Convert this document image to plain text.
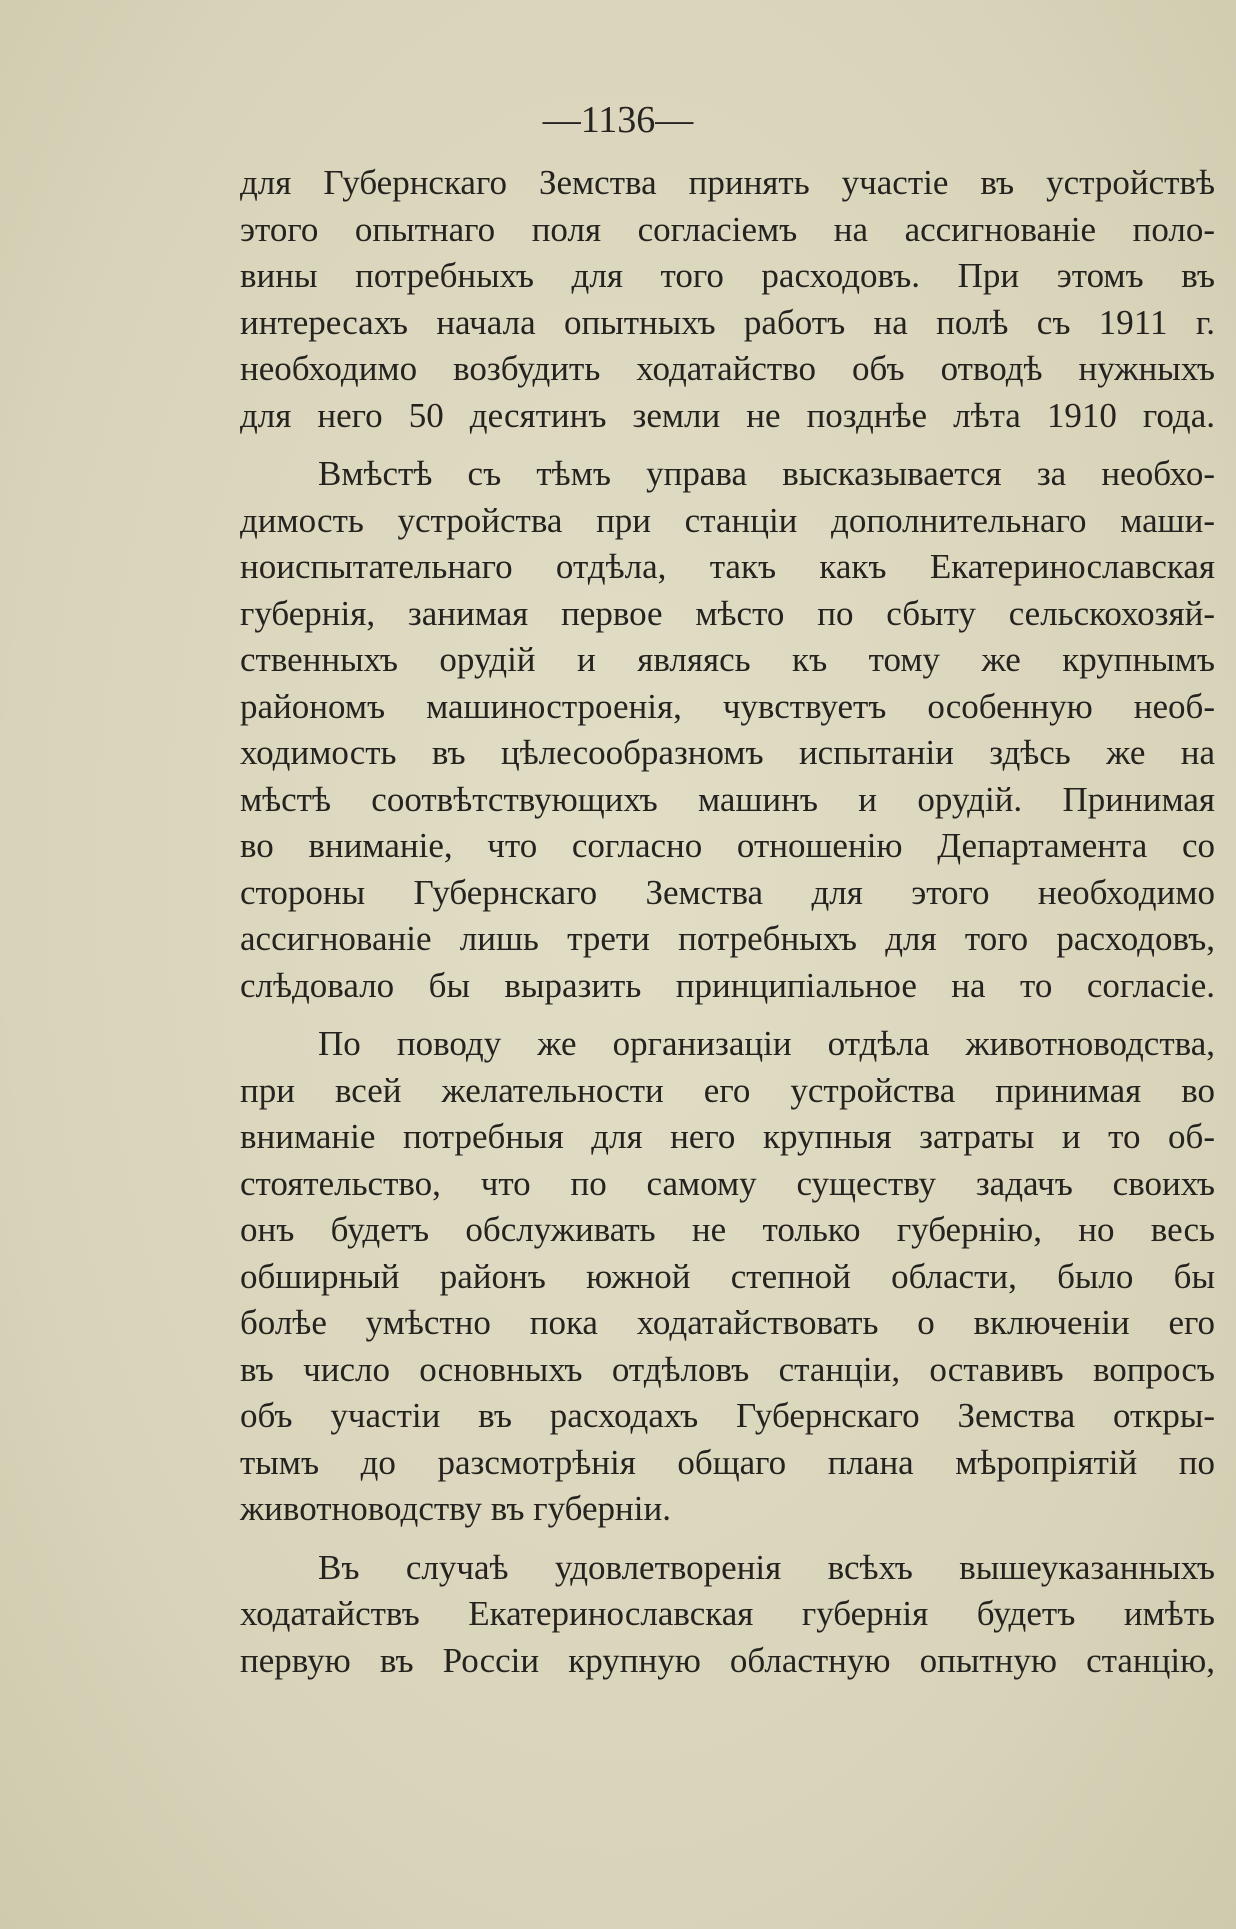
—1136—
для Губернскаго Земства принять участіе въ устройствѣ
этого опытнаго поля согласіемъ на ассигнованіе поло-
вины потребныхъ для того расходовъ. При этомъ въ
интересахъ начала опытныхъ работъ на полѣ съ 1911 г.
необходимо возбудить ходатайство объ отводѣ нужныхъ
для него 50 десятинъ земли не позднѣе лѣта 1910 года.
Вмѣстѣ съ тѣмъ управа высказывается за необхо-
димость устройства при станціи дополнительнаго маши-
ноиспытательнаго отдѣла, такъ какъ Екатеринославская
губернія, занимая первое мѣсто по сбыту сельскохозяй-
ственныхъ орудій и являясь къ тому же крупнымъ
райономъ машиностроенія, чувствуетъ особенную необ-
ходимость въ цѣлесообразномъ испытаніи здѣсь же на
мѣстѣ соотвѣтствующихъ машинъ и орудій. Принимая
во вниманіе, что согласно отношенію Департамента со
стороны Губернскаго Земства для этого необходимо
ассигнованіе лишь трети потребныхъ для того расходовъ,
слѣдовало бы выразить принципіальное на то согласіе.
По поводу же организаціи отдѣла животноводства,
при всей желательности его устройства принимая во
вниманіе потребныя для него крупныя затраты и то об-
стоятельство, что по самому существу задачъ своихъ
онъ будетъ обслуживать не только губернію, но весь
обширный районъ южной степной области, было бы
болѣе умѣстно пока ходатайствовать о включеніи его
въ число основныхъ отдѣловъ станціи, оставивъ вопросъ
объ участіи въ расходахъ Губернскаго Земства откры-
тымъ до разсмотрѣнія общаго плана мѣропріятій по
животноводству въ губерніи.
Въ случаѣ удовлетворенія всѣхъ вышеуказанныхъ
ходатайствъ Екатеринославская губернія будетъ имѣть
первую въ Россіи крупную областную опытную станцію,
